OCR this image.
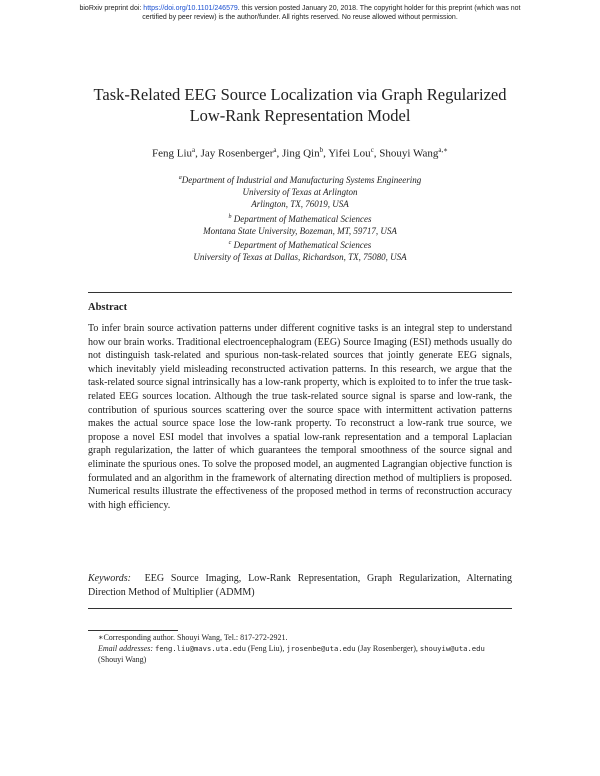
bioRxiv preprint doi: https://doi.org/10.1101/246579. this version posted January 20, 2018. The copyright holder for this preprint (which was not
certified by peer review) is the author/funder. All rights reserved. No reuse allowed without permission.
Task-Related EEG Source Localization via Graph Regularized
Low-Rank Representation Model
Feng Liu$^a$, Jay Rosenberger$^a$, Jing Qin$^b$, Yifei Lou$^c$, Shouyi Wang$^{a,∗}$
$^a$Department of Industrial and Manufacturing Systems Engineering
University of Texas at Arlington
Arlington, TX, 76019, USA
$^b$ Department of Mathematical Sciences
Montana State University, Bozeman, MT, 59717, USA
$^c$ Department of Mathematical Sciences
University of Texas at Dallas, Richardson, TX, 75080, USA
Abstract
To infer brain source activation patterns under different cognitive tasks is an integral step to understand how our brain works. Traditional electroencephalogram (EEG) Source Imaging (ESI) methods usually do not distinguish task-related and spurious non-task-related sources that jointly generate EEG signals, which inevitably yield misleading reconstructed activation patterns. In this research, we argue that the task-related source signal intrinsically has a low-rank property, which is exploited to to infer the true task-related EEG sources location. Although the true task-related source signal is sparse and low-rank, the contribution of spurious sources scattering over the source space with intermittent activation patterns makes the actual source space lose the low-rank property. To reconstruct a low-rank true source, we propose a novel ESI model that involves a spatial low-rank representation and a temporal Laplacian graph regularization, the latter of which guarantees the temporal smoothness of the source signal and eliminate the spurious ones. To solve the proposed model, an augmented Lagrangian objective function is formulated and an algorithm in the framework of alternating direction method of multipliers is proposed. Numerical results illustrate the effectiveness of the proposed method in terms of reconstruction accuracy with high efficiency.
Keywords: EEG Source Imaging, Low-Rank Representation, Graph Regularization, Alternating Direction Method of Multiplier (ADMM)
∗Corresponding author. Shouyi Wang, Tel.: 817-272-2921.
Email addresses: feng.liu@mavs.uta.edu (Feng Liu), jrosenbe@uta.edu (Jay Rosenberger), shouyiw@uta.edu (Shouyi Wang)
